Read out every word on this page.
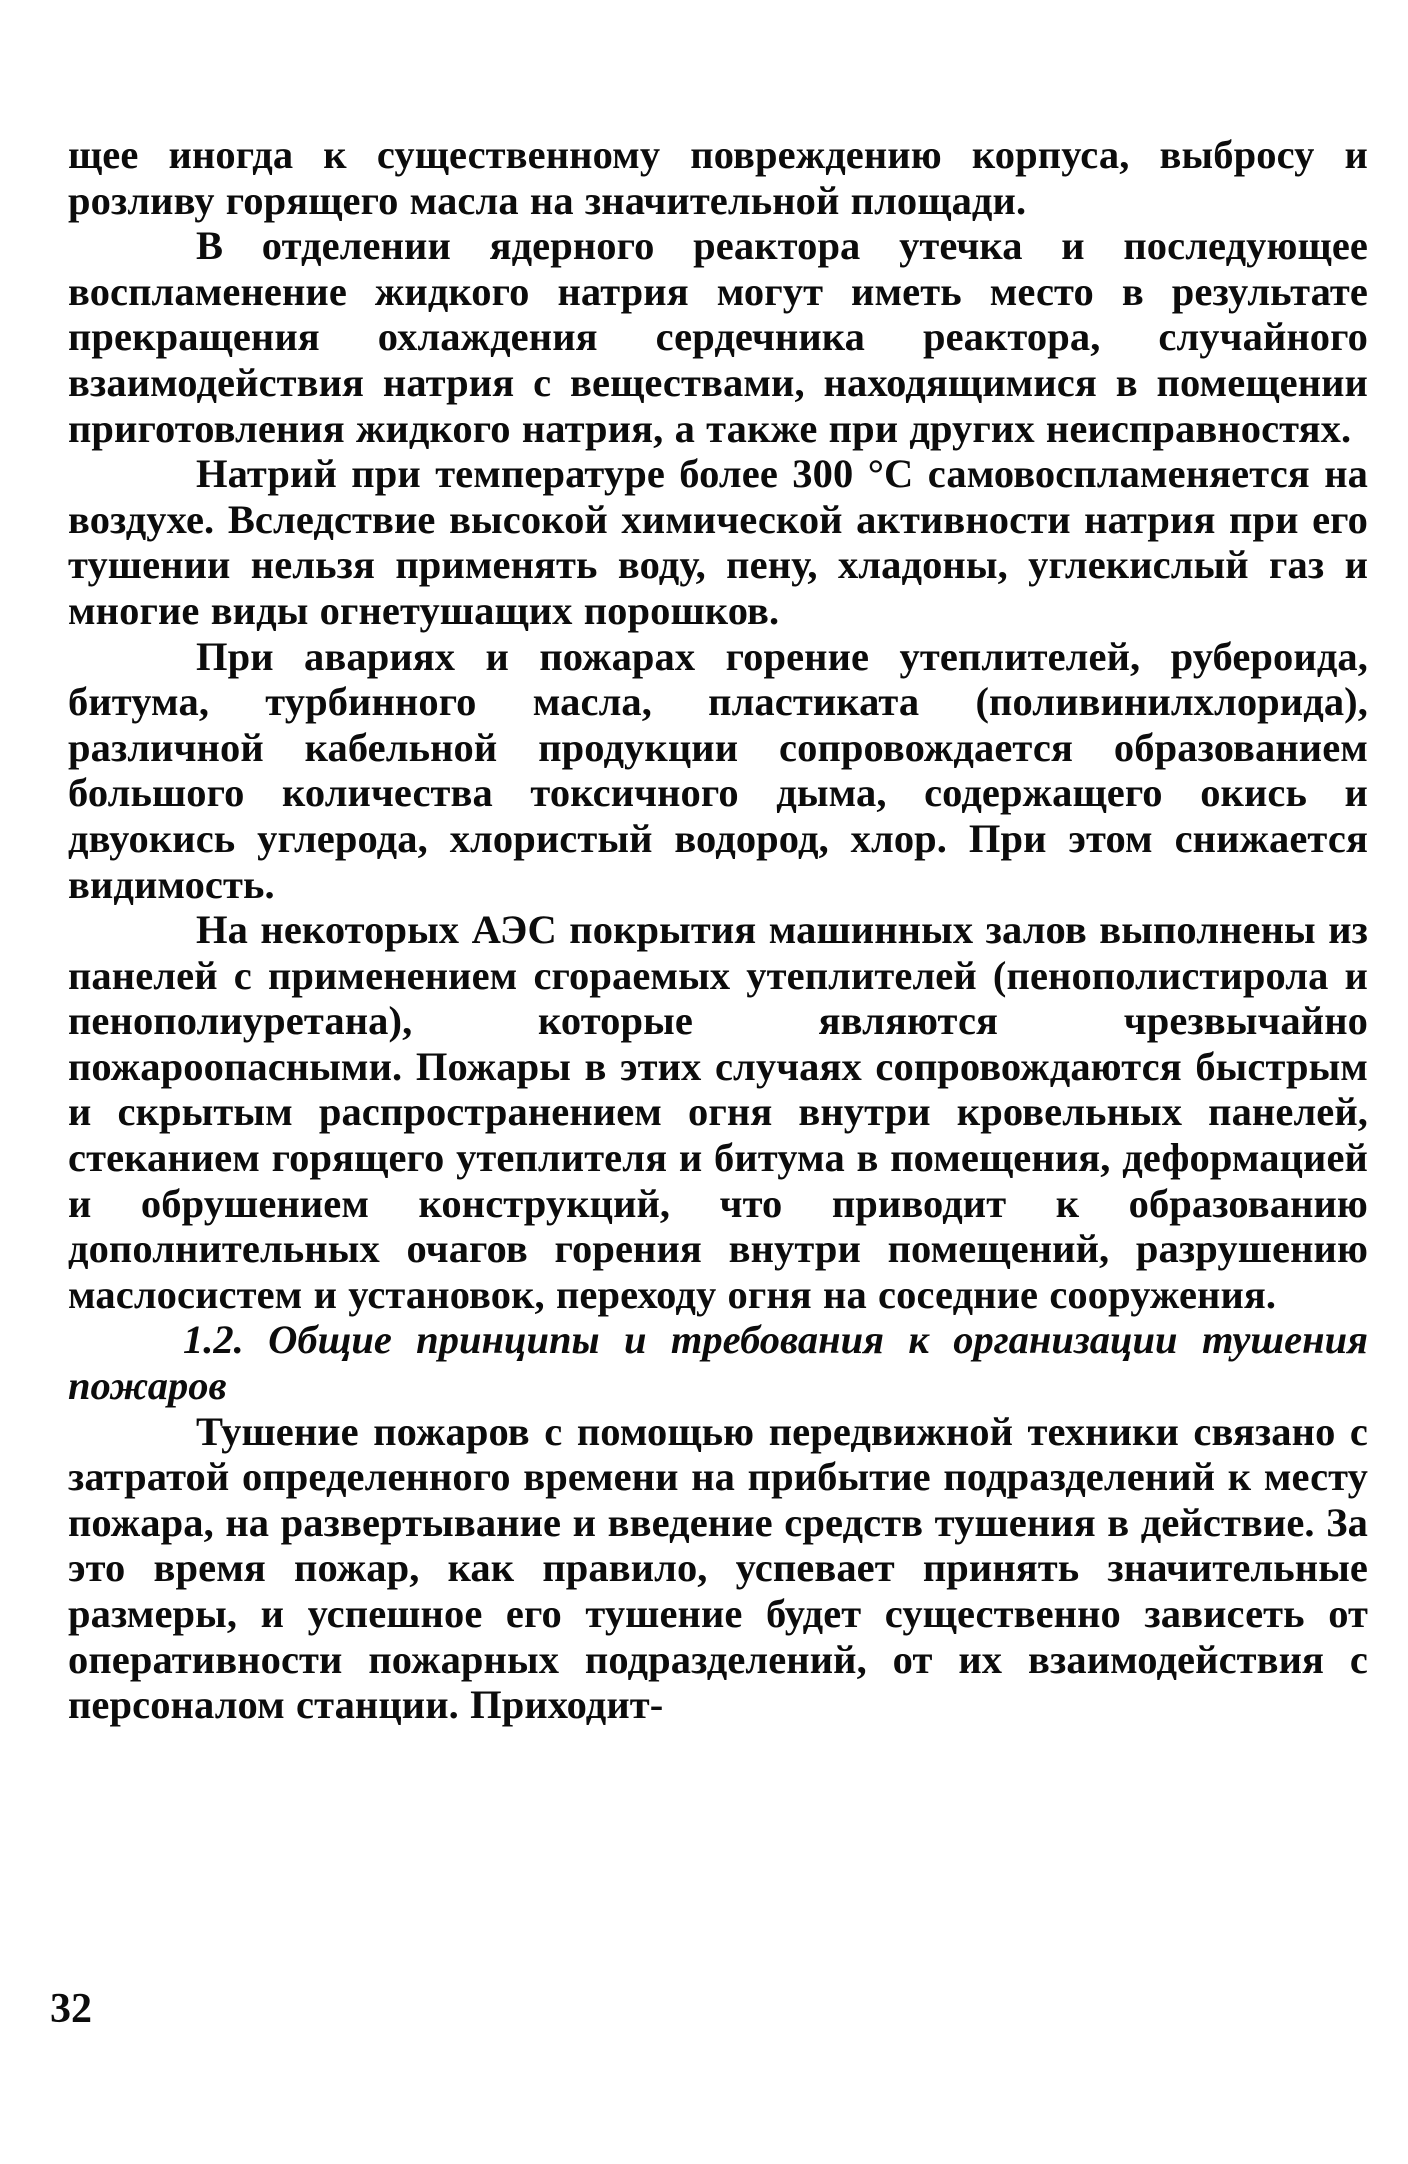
щее иногда к существенному повреждению корпуса, выбросу и розливу горящего масла на значительной площади.

В отделении ядерного реактора утечка и последующее воспламенение жидкого натрия могут иметь место в результате прекращения охлаждения сердечника реактора, случайного взаимодействия натрия с веществами, находящимися в помещении приготовления жидкого натрия, а также при других неисправностях.

Натрий при температуре более 300 °С самовоспламеняется на воздухе. Вследствие высокой химической активности натрия при его тушении нельзя применять воду, пену, хладоны, углекислый газ и многие виды огнетушащих порошков.

При авариях и пожарах горение утеплителей, рубероида, битума, турбинного масла, пластиката (поливинилхлорида), различной кабельной продукции сопровождается образованием большого количества токсичного дыма, содержащего окись и двуокись углерода, хлористый водород, хлор. При этом снижается видимость.

На некоторых АЭС покрытия машинных залов выполнены из панелей с применением сгораемых утеплителей (пенополистирола и пенополиуретана), которые являются чрезвычайно пожароопасными. Пожары в этих случаях сопровождаются быстрым и скрытым распространением огня внутри кровельных панелей, стеканием горящего утеплителя и битума в помещения, деформацией и обрушением конструкций, что приводит к образованию дополнительных очагов горения внутри помещений, разрушению маслосистем и установок, переходу огня на соседние сооружения.

1.2. Общие принципы и требования к организации тушения пожаров

Тушение пожаров с помощью передвижной техники связано с затратой определенного времени на прибытие подразделений к месту пожара, на развертывание и введение средств тушения в действие. За это время пожар, как правило, успевает принять значительные размеры, и успешное его тушение будет существенно зависеть от оперативности пожарных подразделений, от их взаимодействия с персоналом станции. Приходит-

32
